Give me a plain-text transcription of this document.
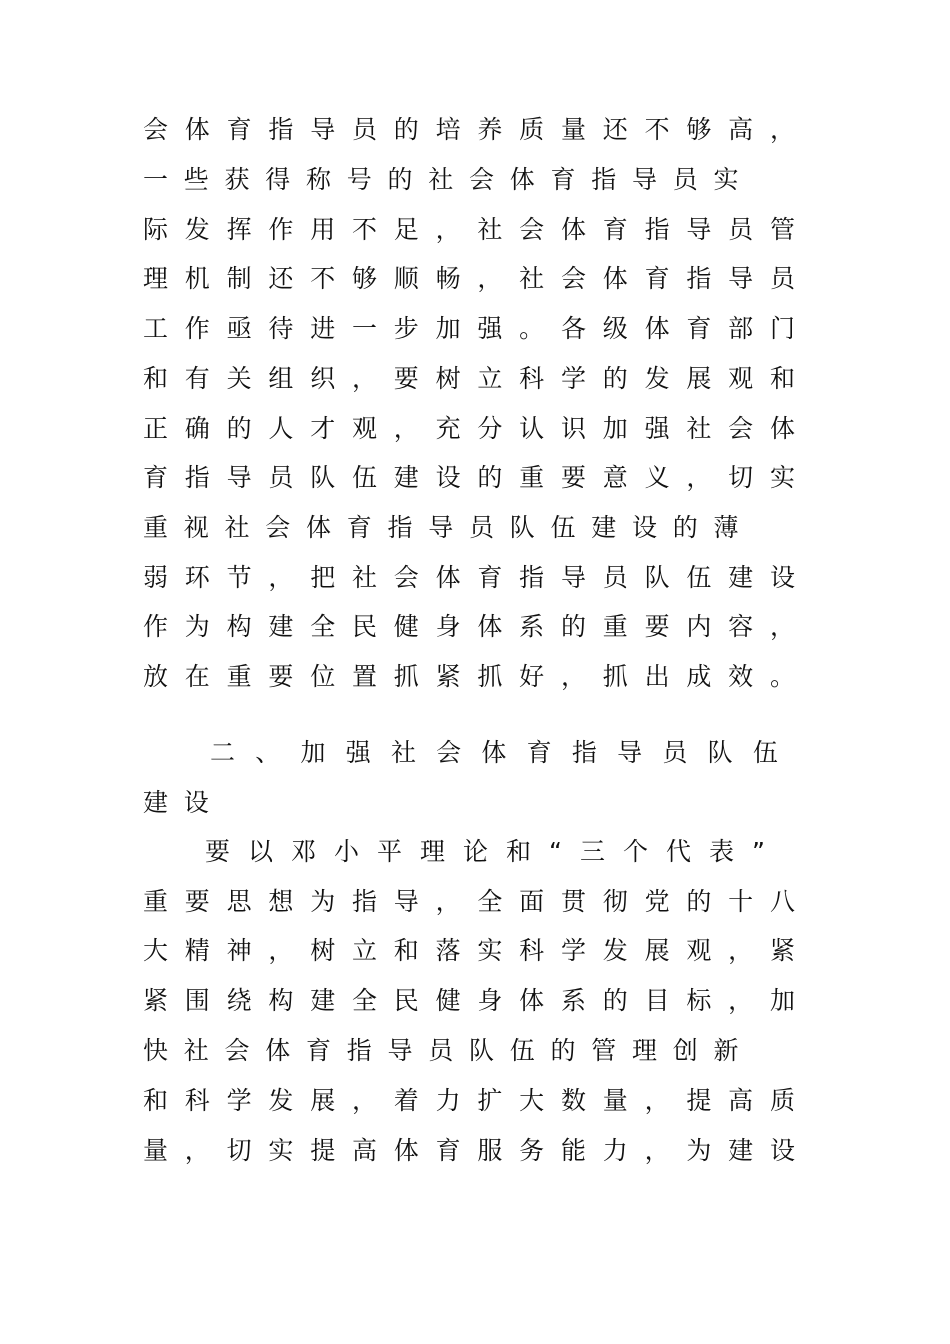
会 体 育 指 导 员 的 培 养 质 量 还 不 够 高 ，
一 些 获 得 称 号 的 社 会 体 育 指 导 员 实
际 发 挥 作 用 不 足 ， 社 会 体 育 指 导 员 管
理 机 制 还 不 够 顺 畅 ， 社 会 体 育 指 导 员
工 作 亟 待 进 一 步 加 强 。 各 级 体 育 部 门
和 有 关 组 织 ， 要 树 立 科 学 的 发 展 观 和
正 确 的 人 才 观 ， 充 分 认 识 加 强 社 会 体
育 指 导 员 队 伍 建 设 的 重 要 意 义 ， 切 实
重 视 社 会 体 育 指 导 员 队 伍 建 设 的 薄
弱 环 节 ， 把 社 会 体 育 指 导 员 队 伍 建 设
作 为 构 建 全 民 健 身 体 系 的 重 要 内 容 ，
放 在 重 要 位 置 抓 紧 抓 好 ， 抓 出 成 效 。
二 、 加 强 社 会 体 育 指 导 员 队 伍
建 设
要 以 邓 小 平 理 论 和 “ 三 个 代 表 ”
重 要 思 想 为 指 导 ， 全 面 贯 彻 党 的 十 八
大 精 神 ， 树 立 和 落 实 科 学 发 展 观 ， 紧
紧 围 绕 构 建 全 民 健 身 体 系 的 目 标 ， 加
快 社 会 体 育 指 导 员 队 伍 的 管 理 创 新
和 科 学 发 展 ， 着 力 扩 大 数 量 ， 提 高 质
量 ， 切 实 提 高 体 育 服 务 能 力 ， 为 建 设
